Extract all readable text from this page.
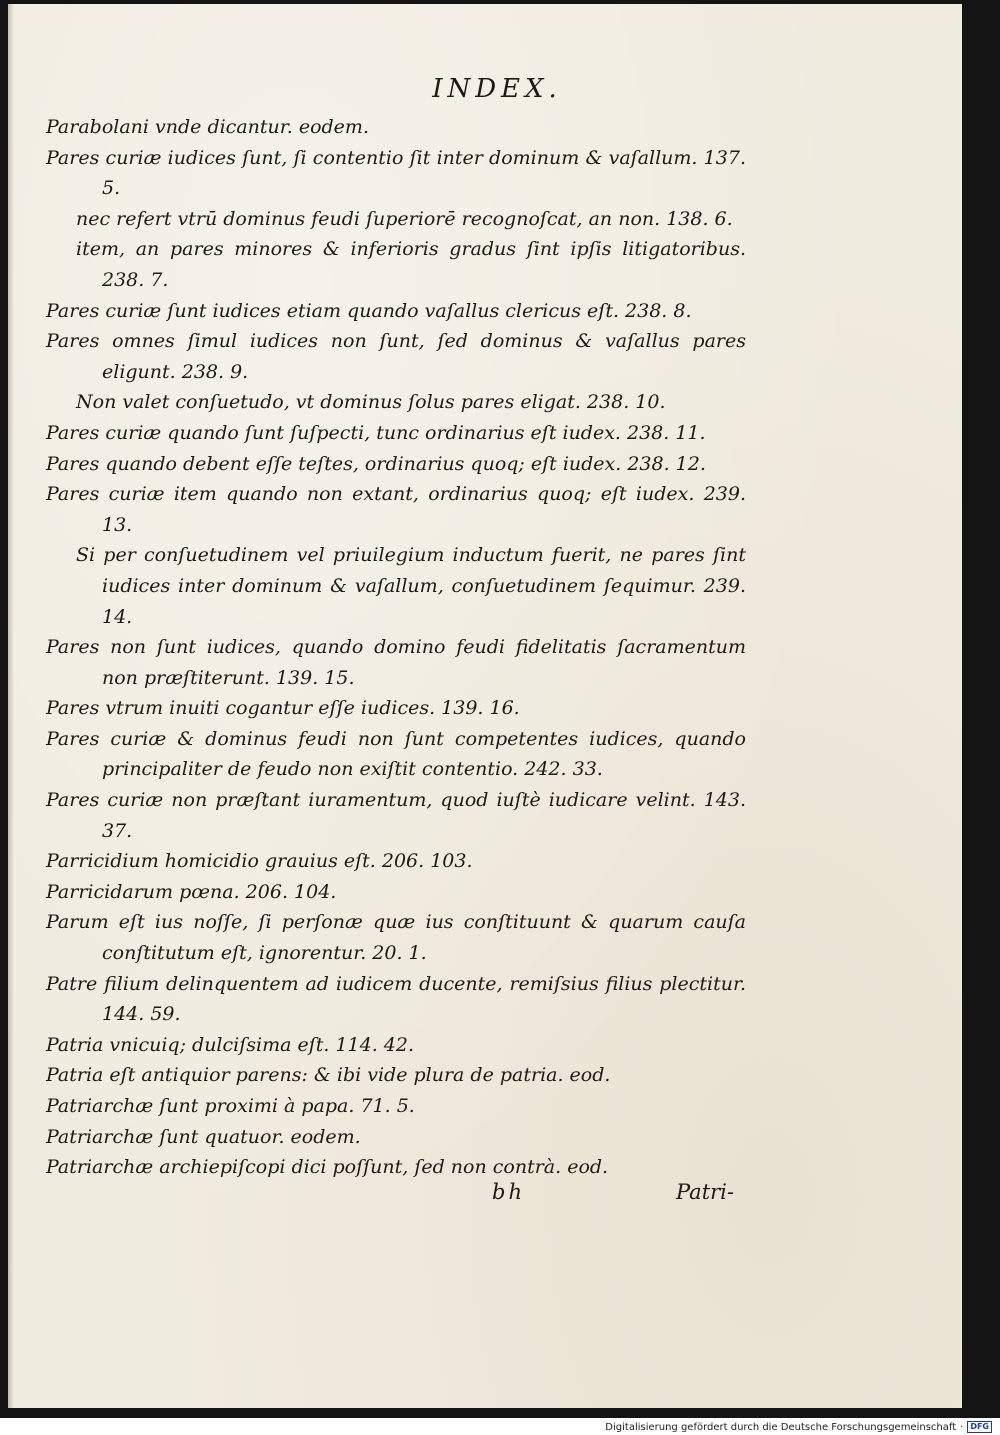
INDEX.
Parabolani vnde dicantur. eodem.
Pares curiæ iudices ſunt, ſi contentio ſit inter dominum & vaſallum. 137. 5.
nec refert vtrū dominus feudi ſuperiorē recognoſcat, an non. 138. 6.
item, an pares minores & inferioris gradus ſint ipſis litigatoribus. 238. 7.
Pares curiæ ſunt iudices etiam quando vaſallus clericus eſt. 238. 8.
Pares omnes ſimul iudices non ſunt, ſed dominus & vaſallus pares eligunt. 238. 9.
Non valet conſuetudo, vt dominus ſolus pares eligat. 238. 10.
Pares curiæ quando ſunt ſuſpecti, tunc ordinarius eſt iudex. 238. 11.
Pares quando debent eſſe teſtes, ordinarius quoq; eſt iudex. 238. 12.
Pares curiæ item quando non extant, ordinarius quoq; eſt iudex. 239. 13.
Si per conſuetudinem vel priuilegium inductum fuerit, ne pares ſint iudices inter dominum & vaſallum, conſuetudinem ſequimur. 239. 14.
Pares non ſunt iudices, quando domino feudi fidelitatis ſacramentum non præſtiterunt. 139. 15.
Pares vtrum inuiti cogantur eſſe iudices. 139. 16.
Pares curiæ & dominus feudi non ſunt competentes iudices, quando principaliter de feudo non exiſtit contentio. 242. 33.
Pares curiæ non præſtant iuramentum, quod iuſtè iudicare velint. 143. 37.
Parricidium homicidio grauius eſt. 206. 103.
Parricidarum pœna. 206. 104.
Parum eſt ius noſſe, ſi perſonæ quæ ius conſtituunt & quarum cauſa conſtitutum eſt, ignorentur. 20. 1.
Patre filium delinquentem ad iudicem ducente, remiſsius filius plectitur. 144. 59.
Patria vnicuiq; dulciſsima eſt. 114. 42.
Patria eſt antiquior parens: & ibi vide plura de patria. eod.
Patriarchæ ſunt proximi à papa. 71. 5.
Patriarchæ ſunt quatuor. eodem.
Patriarchæ archiepiſcopi dici poſſunt, ſed non contrà. eod.
bh	Patri-
Digitalisierung gefördert durch die Deutsche Forschungsgemeinschaft · DFG
